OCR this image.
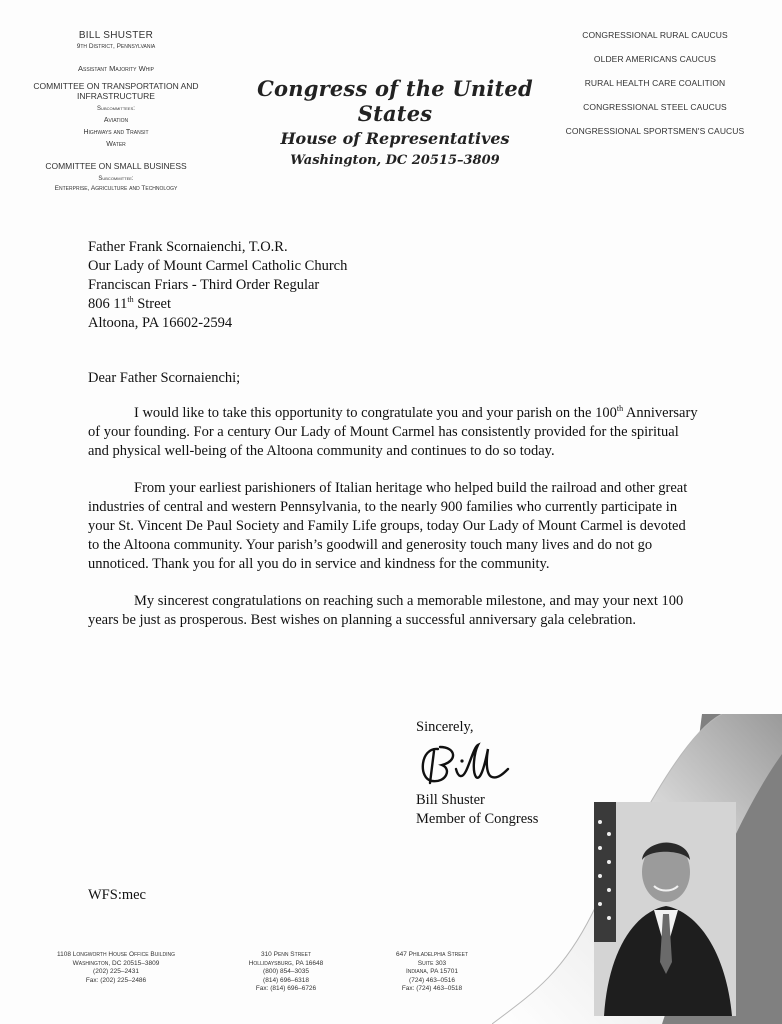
BILL SHUSTER
9th District, Pennsylvania
Assistant Majority Whip
COMMITTEE ON TRANSPORTATION AND INFRASTRUCTURE
Subcommittees:
Aviation
Highways and Transit
Water
COMMITTEE ON SMALL BUSINESS
Subcommittee:
Enterprise, Agriculture and Technology
Congress of the United States
House of Representatives
Washington, DC 20515–3809
CONGRESSIONAL RURAL CAUCUS
OLDER AMERICANS CAUCUS
RURAL HEALTH CARE COALITION
CONGRESSIONAL STEEL CAUCUS
CONGRESSIONAL SPORTSMEN'S CAUCUS
Father Frank Scornaienchi, T.O.R.
Our Lady of Mount Carmel Catholic Church
Franciscan Friars - Third Order Regular
806 11th Street
Altoona, PA 16602-2594
Dear Father Scornaienchi;

I would like to take this opportunity to congratulate you and your parish on the 100th Anniversary of your founding. For a century Our Lady of Mount Carmel has consistently provided for the spiritual and physical well-being of the Altoona community and continues to do so today.

From your earliest parishioners of Italian heritage who helped build the railroad and other great industries of central and western Pennsylvania, to the nearly 900 families who currently participate in your St. Vincent De Paul Society and Family Life groups, today Our Lady of Mount Carmel is devoted to the Altoona community. Your parish’s goodwill and generosity touch many lives and do not go unnoticed. Thank you for all you do in service and kindness for the community.

My sincerest congratulations on reaching such a memorable milestone, and may your next 100 years be just as prosperous. Best wishes on planning a successful anniversary gala celebration.

Sincerely,
Bill Shuster
Member of Congress
WFS:mec
1108 Longworth House Office Building
Washington, DC 20515–3809
(202) 225–2431
Fax: (202) 225–2486
310 Penn Street
Hollidaysburg, PA 16648
(800) 854–3035
(814) 696–6318
Fax: (814) 696–6726
647 Philadelphia Street
Suite 303
Indiana, PA 15701
(724) 463–0516
Fax: (724) 463–0518
